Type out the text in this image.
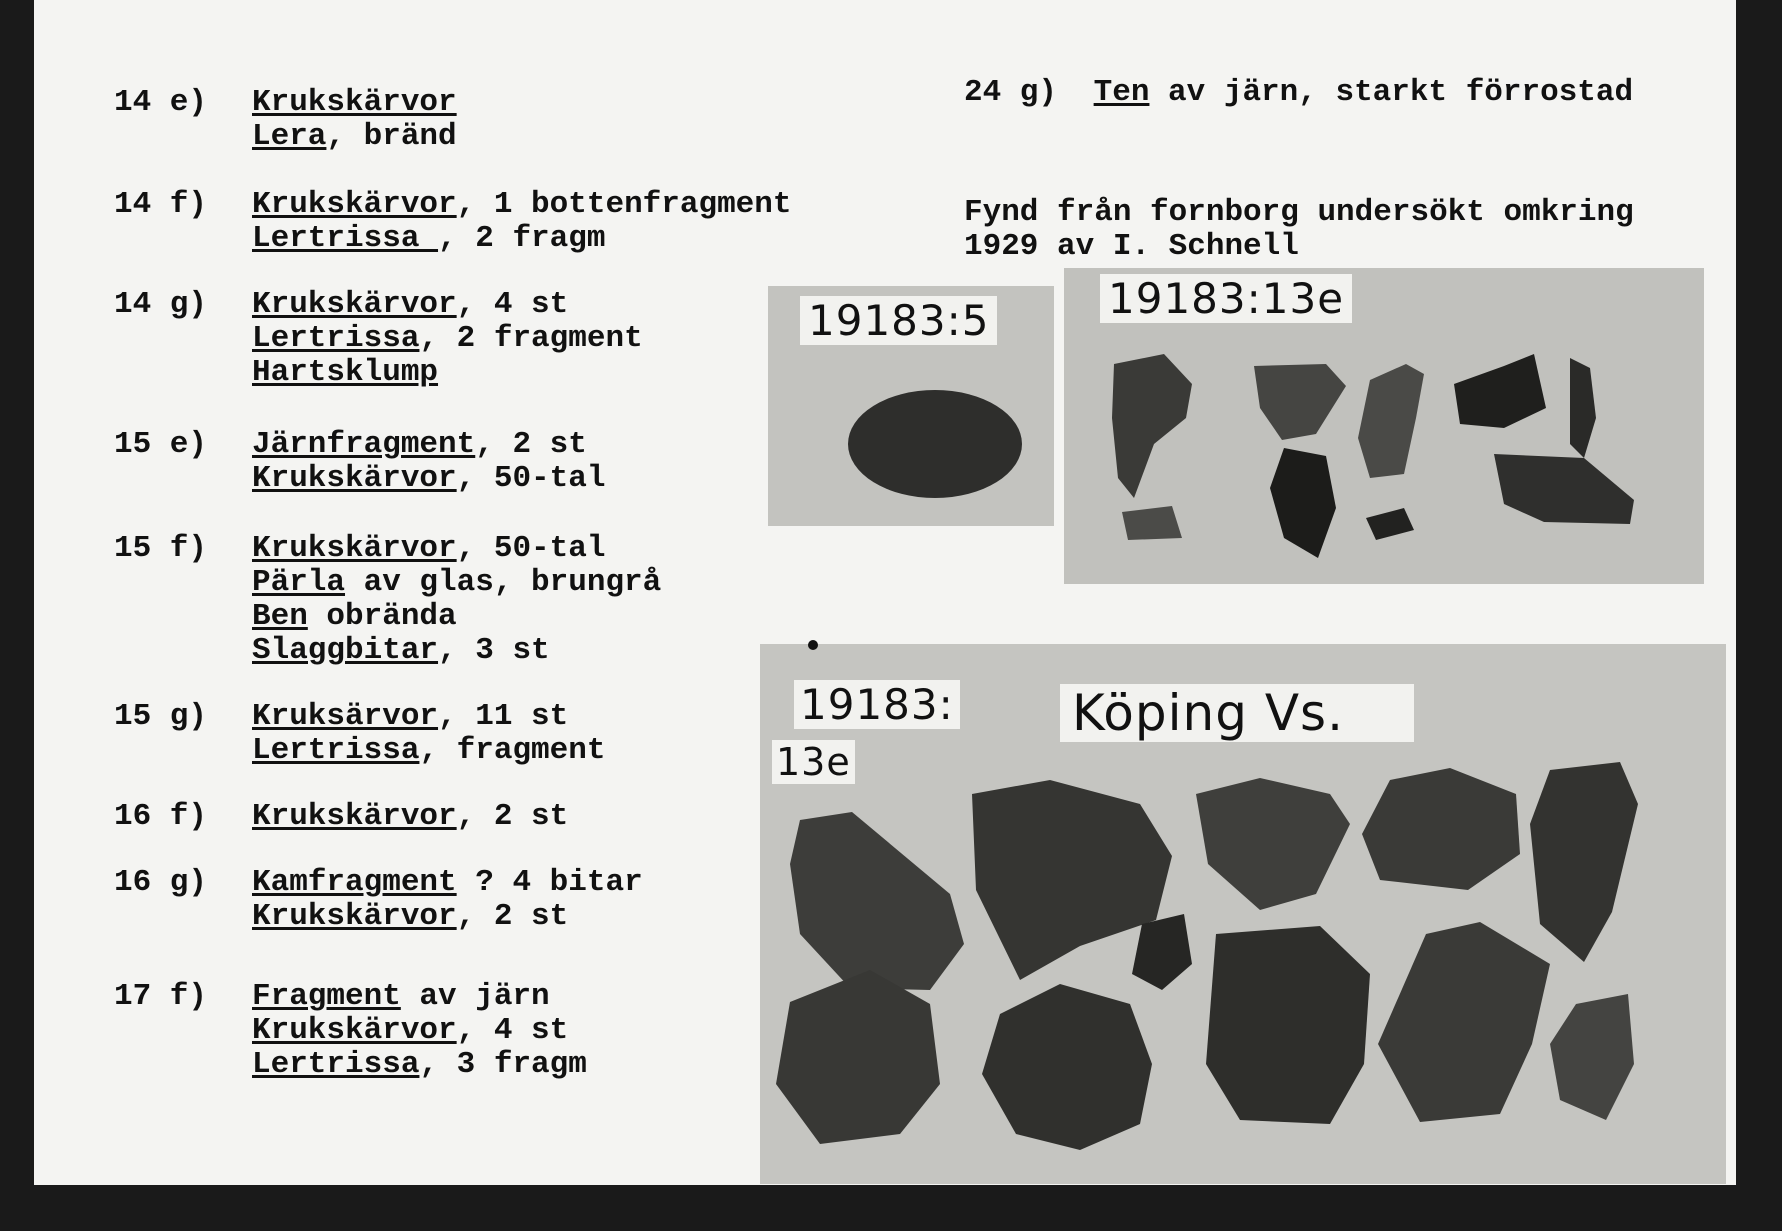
14 e)	Krukskärvor
Lera, bränd
14 f)	Krukskärvor, 1 bottenfragment
Lertrissa , 2 fragm
14 g)	Krukskärvor, 4 st
Lertrissa, 2 fragment
Hartsklump
15 e)	Järnfragment, 2 st
Krukskärvor, 50-tal
15 f)	Krukskärvor, 50-tal
Pärla av glas, brungrå
Ben obrända
Slaggbitar, 3 st
15 g)	Kruksärvor, 11 st
Lertrissa, fragment
16 f)	Krukskärvor, 2 st
16 g)	Kamfragment ? 4 bitar
Krukskärvor, 2 st
17 f)	Fragment av järn
Krukskärvor, 4 st
Lertrissa, 3 fragm
24 g) Ten av järn, starkt förrostad
Fynd från fornborg undersökt omkring
1929 av I. Schnell
19183:5	19183:13e
19183: Köping Vs.
13e
